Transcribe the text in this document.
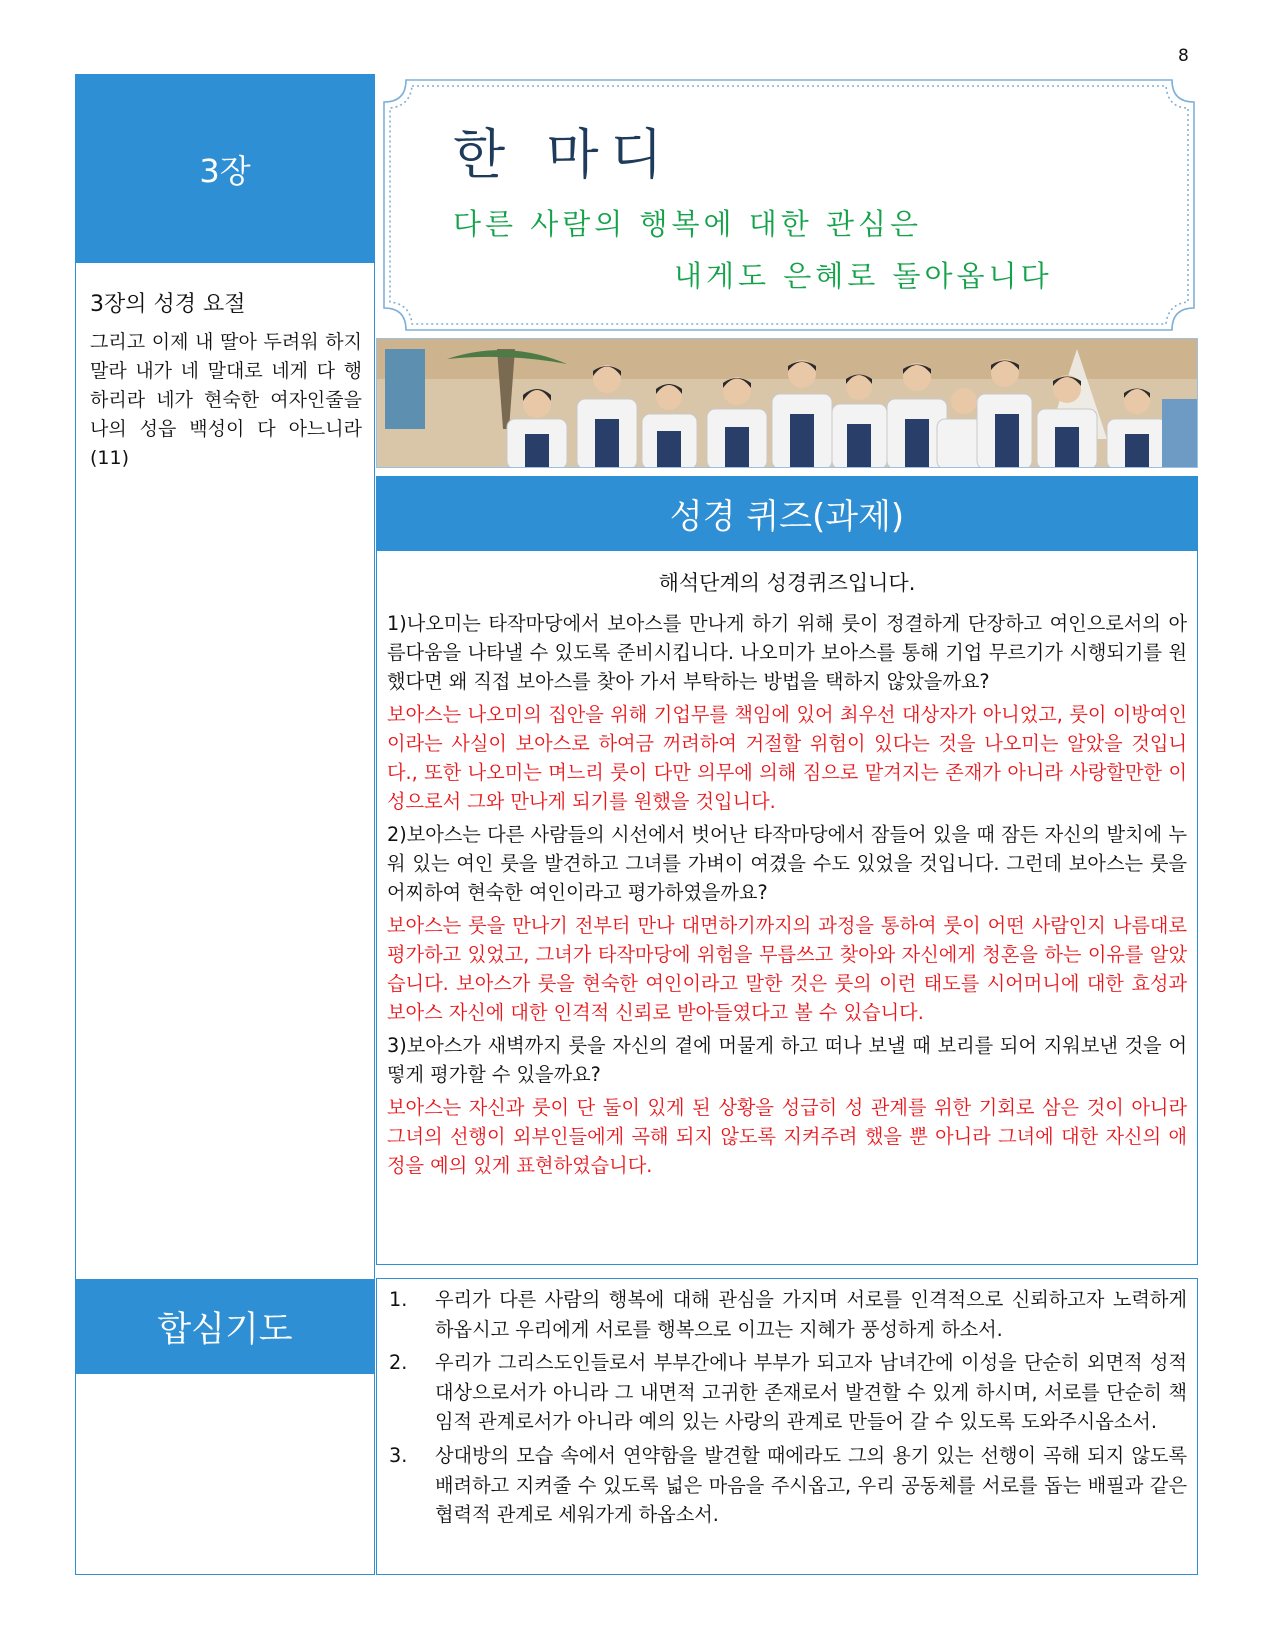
8
3장

3장의 성경 요절

그리고 이제 내 딸아 두려워 하지 말라 내가 네 말대로 네게 다 행하리라 네가 현숙한 여자인줄을 나의 성읍 백성이 다 아느니라(11)

합심기도
한 마디

다른 사람의 행복에 대한 관심은

내게도 은혜로 돌아옵니다

성경 퀴즈(과제)

해석단계의 성경퀴즈입니다.

1)나오미는 타작마당에서 보아스를 만나게 하기 위해 룻이 정결하게 단장하고 여인으로서의 아름다움을 나타낼 수 있도록 준비시킵니다. 나오미가 보아스를 통해 기업 무르기가 시행되기를 원했다면 왜 직접 보아스를 찾아 가서 부탁하는 방법을 택하지 않았을까요?

보아스는 나오미의 집안을 위해 기업무를 책임에 있어 최우선 대상자가 아니었고, 룻이 이방여인이라는 사실이 보아스로 하여금 꺼려하여 거절할 위험이 있다는 것을 나오미는 알았을 것입니다., 또한 나오미는 며느리 룻이 다만 의무에 의해 짐으로 맡겨지는 존재가 아니라 사랑할만한 이성으로서 그와 만나게 되기를 원했을 것입니다.

2)보아스는 다른 사람들의 시선에서 벗어난 타작마당에서 잠들어 있을 때 잠든 자신의 발치에 누워 있는 여인 룻을 발견하고 그녀를 가벼이 여겼을 수도 있었을 것입니다. 그런데 보아스는 룻을 어찌하여 현숙한 여인이라고 평가하였을까요?

보아스는 룻을 만나기 전부터 만나 대면하기까지의 과정을 통하여 룻이 어떤 사람인지 나름대로 평가하고 있었고, 그녀가 타작마당에 위험을 무릅쓰고 찾아와 자신에게 청혼을 하는 이유를 알았습니다. 보아스가 룻을 현숙한 여인이라고 말한 것은 룻의 이런 태도를 시어머니에 대한 효성과 보아스 자신에 대한 인격적 신뢰로 받아들였다고 볼 수 있습니다.

3)보아스가 새벽까지 룻을 자신의 곁에 머물게 하고 떠나 보낼 때 보리를 되어 지워보낸 것을 어떻게 평가할 수 있을까요?

보아스는 자신과 룻이 단 둘이 있게 된 상황을 성급히 성 관계를 위한 기회로 삼은 것이 아니라 그녀의 선행이 외부인들에게 곡해 되지 않도록 지켜주려 했을 뿐 아니라 그녀에 대한 자신의 애정을 예의 있게 표현하였습니다.

1.	우리가 다른 사람의 행복에 대해 관심을 가지며 서로를 인격적으로 신뢰하고자 노력하게 하옵시고 우리에게 서로를 행복으로 이끄는 지혜가 풍성하게 하소서.
2.	우리가 그리스도인들로서 부부간에나 부부가 되고자 남녀간에 이성을 단순히 외면적 성적 대상으로서가 아니라 그 내면적 고귀한 존재로서 발견할 수 있게 하시며, 서로를 단순히 책임적 관계로서가 아니라 예의 있는 사랑의 관계로 만들어 갈 수 있도록 도와주시옵소서.
3.	상대방의 모습 속에서 연약함을 발견할 때에라도 그의 용기 있는 선행이 곡해 되지 않도록 배려하고 지켜줄 수 있도록 넓은 마음을 주시옵고, 우리 공동체를 서로를 돕는 배필과 같은 협력적 관계로 세워가게 하옵소서.
